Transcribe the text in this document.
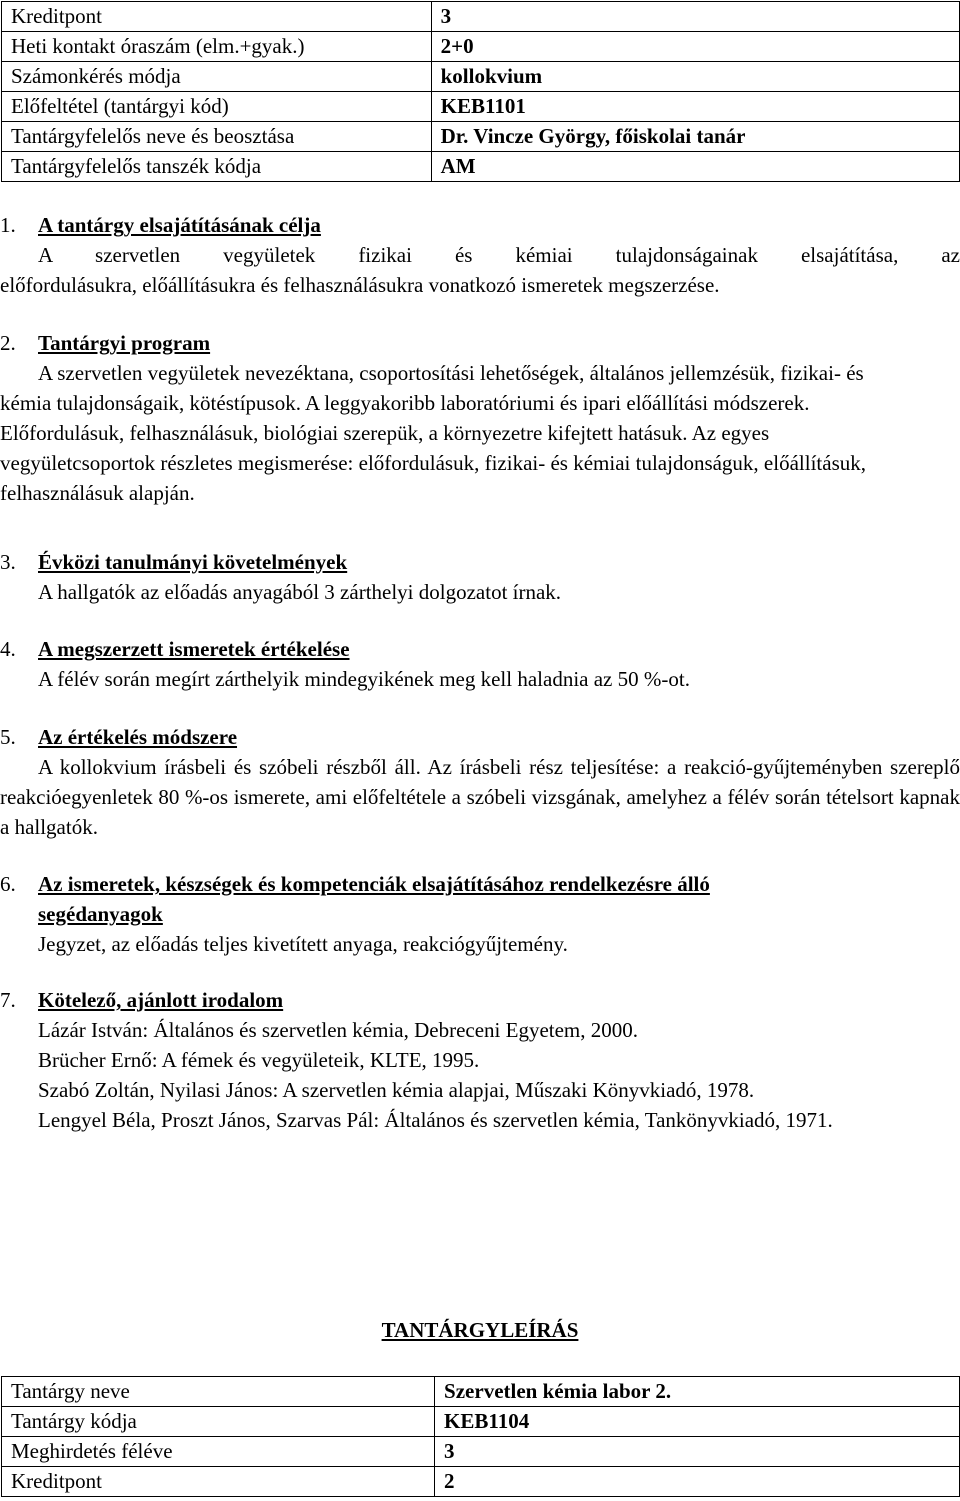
Kreditpont	3
Heti kontakt óraszám (elm.+gyak.)	2+0
Számonkérés módja	kollokvium
Előfeltétel (tantárgyi kód)	KEB1101
Tantárgyfelelős neve és beosztása	Dr. Vincze György, főiskolai tanár
Tantárgyfelelős tanszék kódja	AM

1. A tantárgy elsajátításának célja

A szervetlen vegyületek fizikai és kémiai tulajdonságainak elsajátítása, az
előfordulásukra, előállításukra és felhasználásukra vonatkozó ismeretek megszerzése.

2. Tantárgyi program

A szervetlen vegyületek nevezéktana, csoportosítási lehetőségek, általános jellemzésük, fizikai- és kémia tulajdonságaik, kötéstípusok. A leggyakoribb laboratóriumi és ipari előállítási módszerek. Előfordulásuk, felhasználásuk, biológiai szerepük, a környezetre kifejtett hatásuk. Az egyes vegyületcsoportok részletes megismerése: előfordulásuk, fizikai- és kémiai tulajdonságuk, előállításuk, felhasználásuk alapján.

3. Évközi tanulmányi követelmények

A hallgatók az előadás anyagából 3 zárthelyi dolgozatot írnak.

4. A megszerzett ismeretek értékelése

A félév során megírt zárthelyik mindegyikének meg kell haladnia az 50 %-ot.

5. Az értékelés módszere

A kollokvium írásbeli és szóbeli részből áll. Az írásbeli rész teljesítése: a reakció-gyűjteményben szereplő reakcióegyenletek 80 %-os ismerete, ami előfeltétele a szóbeli vizsgának, amelyhez a félév során tételsort kapnak a hallgatók.

6. Az ismeretek, készségek és kompetenciák elsajátításához rendelkezésre álló
segédanyagok

Jegyzet, az előadás teljes kivetített anyaga, reakciógyűjtemény.

7. Kötelező, ajánlott irodalom

Lázár István: Általános és szervetlen kémia, Debreceni Egyetem, 2000.

Brücher Ernő: A fémek és vegyületeik, KLTE, 1995.

Szabó Zoltán, Nyilasi János: A szervetlen kémia alapjai, Műszaki Könyvkiadó, 1978.

Lengyel Béla, Proszt János, Szarvas Pál: Általános és szervetlen kémia, Tankönyvkiadó, 1971.

TANTÁRGYLEÍRÁS

Tantárgy neve	Szervetlen kémia labor 2.
Tantárgy kódja	KEB1104
Meghirdetés féléve	3
Kreditpont	2
